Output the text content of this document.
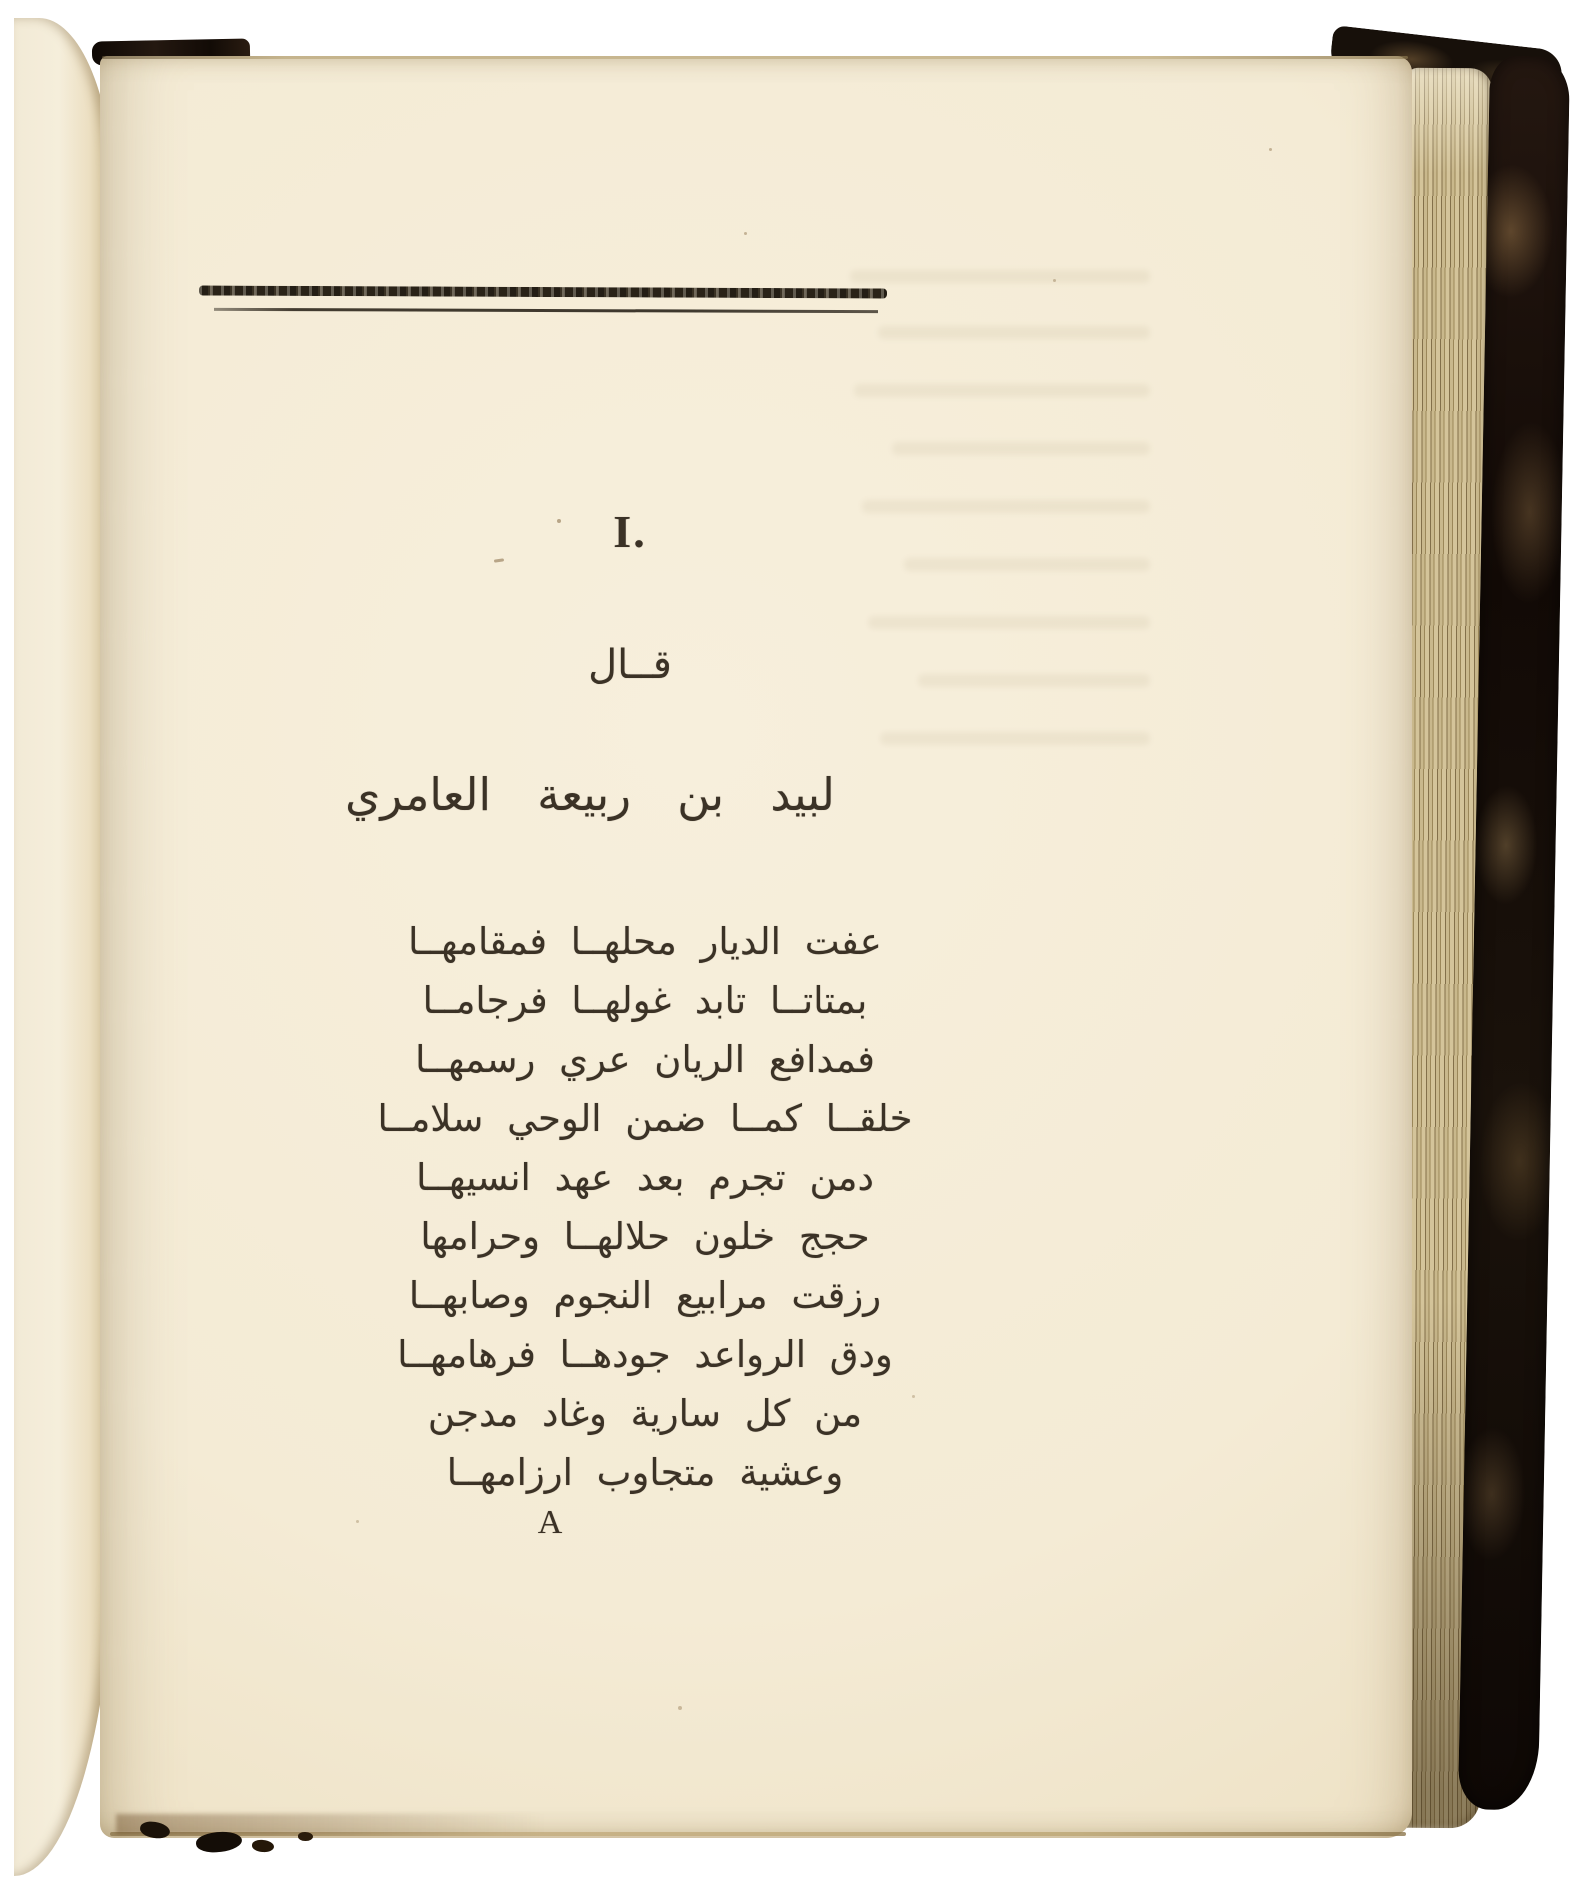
I.
قــال
لبيد بن ربيعة العامري
عفت الديار محلهــا فمقامهــا
بمتاتــا تابد غولهــا فرجامــا
فمدافع الريان عري رسمهــا
خلقــا كمــا ضمن الوحي سلامــا
دمن تجرم بعد عهد انسيهــا
حجج خلون حلالهــا وحرامها
رزقت مرابيع النجوم وصابهــا
ودق الرواعد جودهــا فرهامهــا
من كل سارية وغاد مدجن
وعشية متجاوب ارزامهــا
A
